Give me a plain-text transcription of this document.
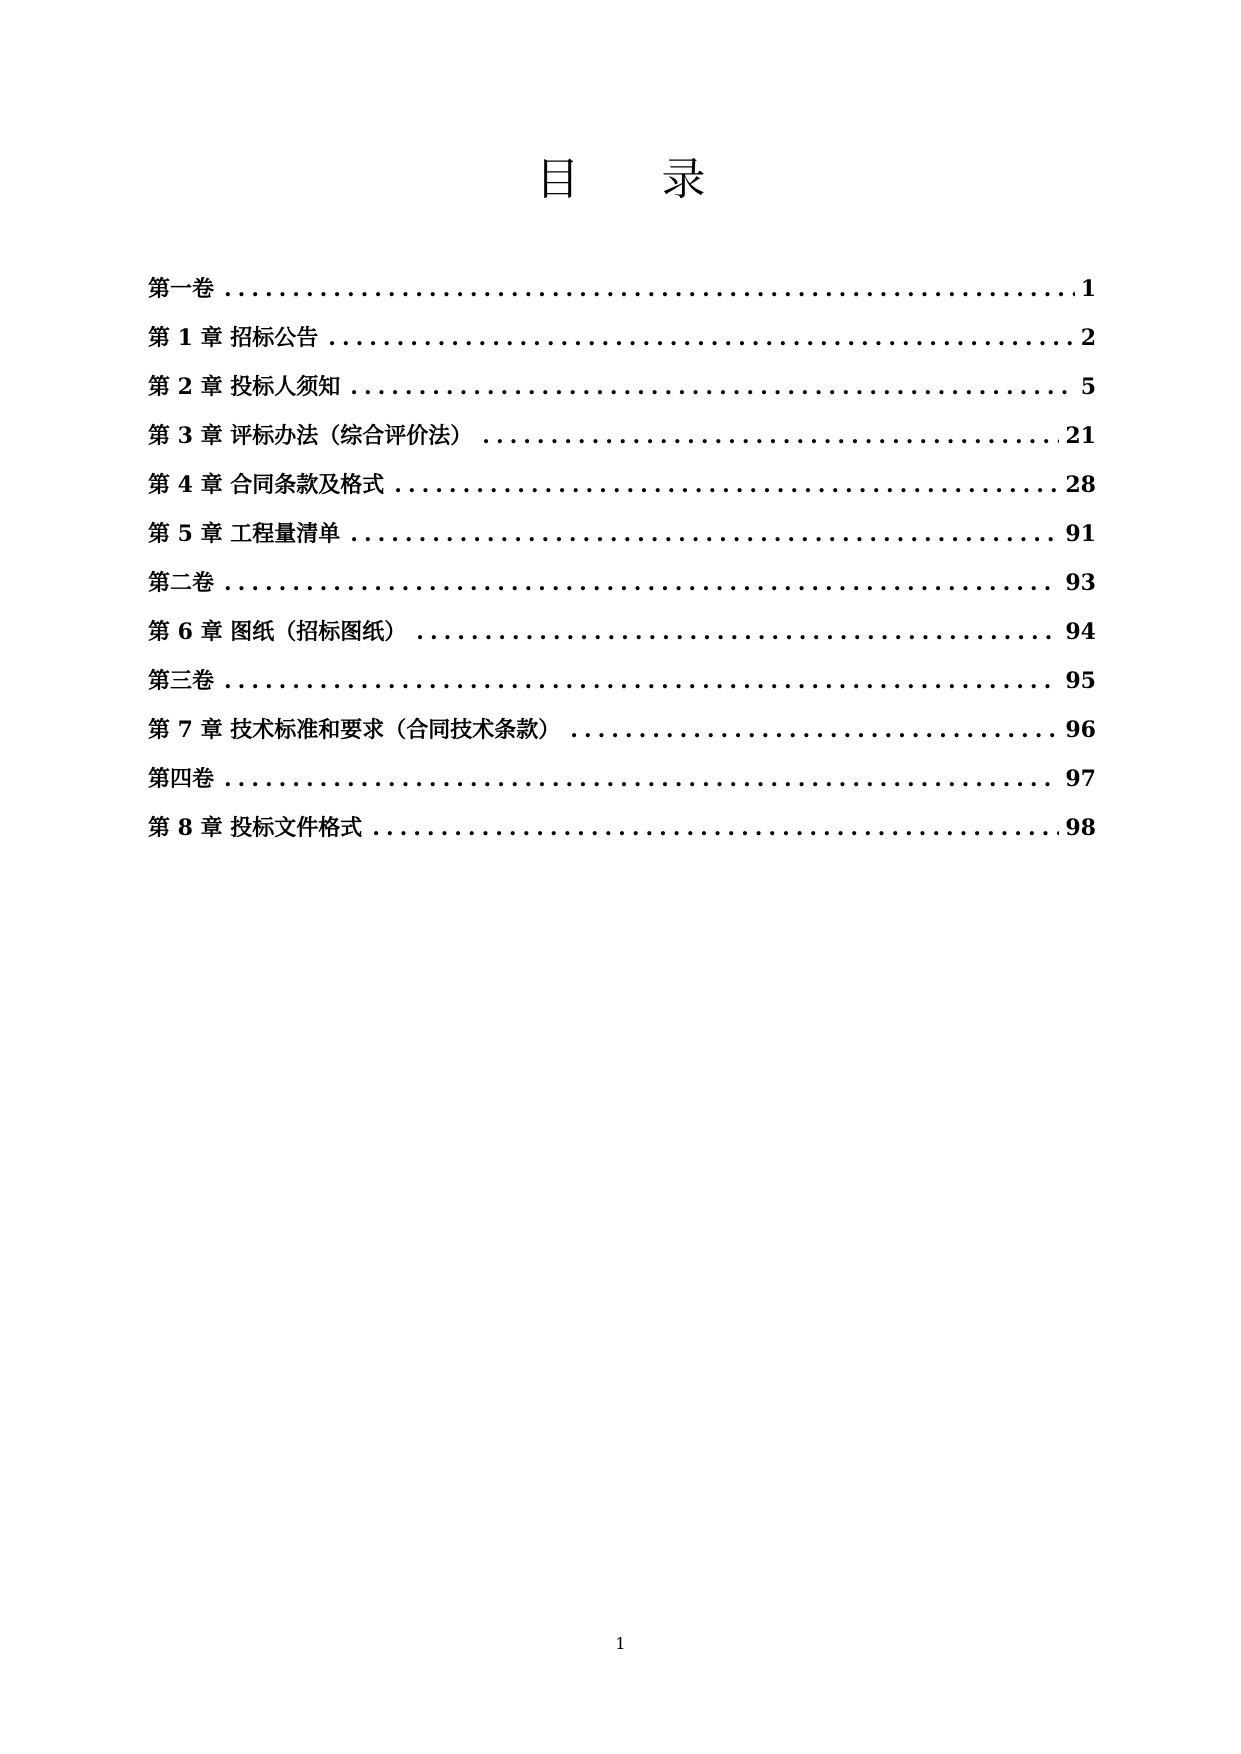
目 录
第一卷 .....	1
第 1 章 招标公告 .....	2
第 2 章 投标人须知 .....	5
第 3 章 评标办法（综合评价法） .....	21
第 4 章 合同条款及格式 .....	28
第 5 章 工程量清单 .....	91
第二卷 .....	93
第 6 章 图纸（招标图纸） .....	94
第三卷 .....	95
第 7 章 技术标准和要求（合同技术条款） .....	96
第四卷 .....	97
第 8 章 投标文件格式 .....	98
1
